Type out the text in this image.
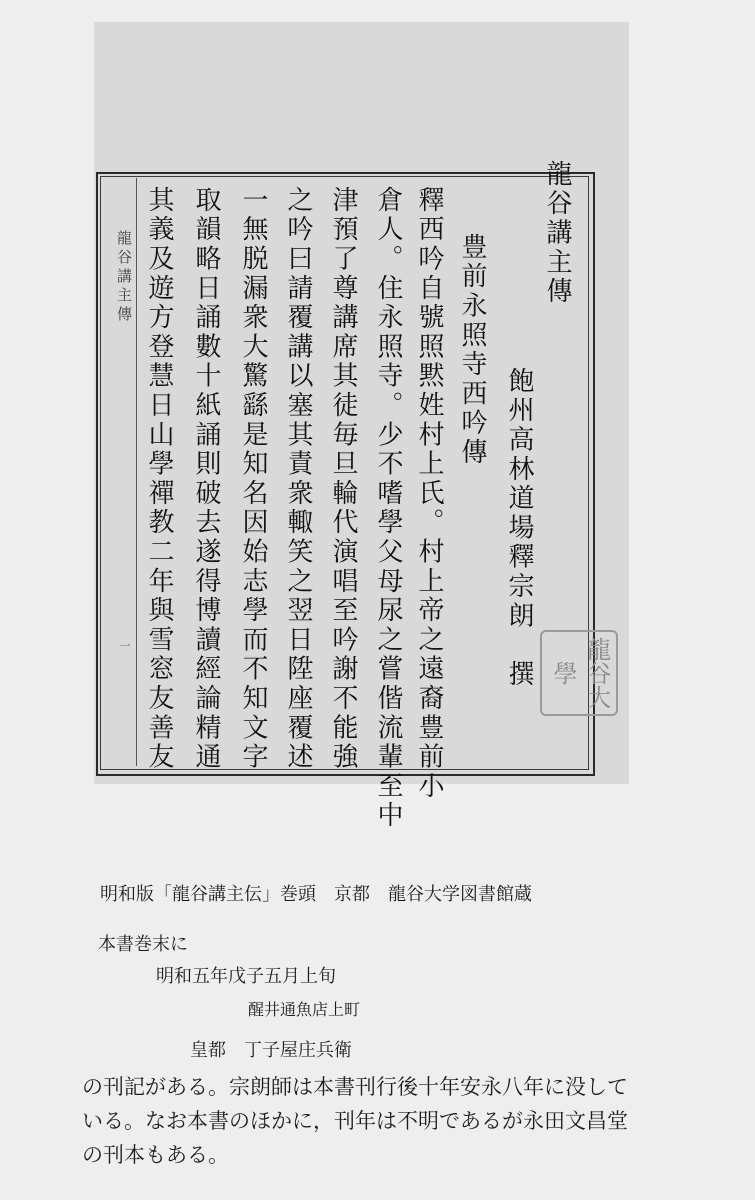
龍谷講主傳
一
龍谷講主傳
豊前永照寺西吟傳
飽州高林道場釋宗朗　撰
釋西吟自號照黙姓村上氏。村上帝之遠裔豊前小
倉人。住永照寺。少不嗜學父母尿之嘗偕流輩至中
津預了尊講席其徒毎旦輪代演唱至吟謝不能強
之吟曰請覆講以塞其責衆輙笑之翌日陞座覆述
一無脱漏衆大驚繇是知名因始志學而不知文字
取韻略日誦數十紙誦則破去遂得博讀經論精通
其義及遊方登慧日山學禪教二年與雪窓友善友	龍谷大學
明和版「龍谷講主伝」巻頭　京都　龍谷大学図書館蔵
本書巻末に
明和五年戊子五月上旬
醒井通魚店上町
皇都　丁子屋庄兵衛
の刊記がある。宗朗師は本書刊行後十年安永八年に没して
いる。なお本書のほかに，刊年は不明であるが永田文昌堂
の刊本もある。
